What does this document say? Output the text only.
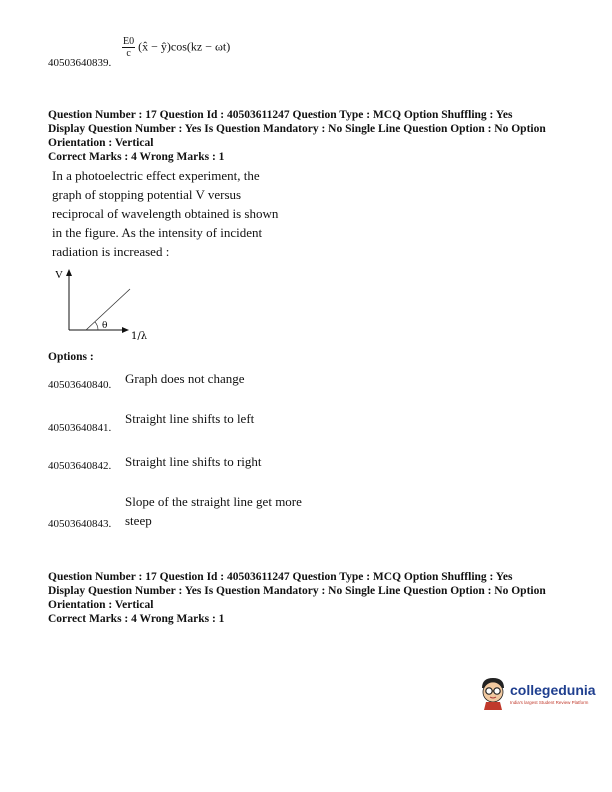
$\frac{E0}{c}$ (x̂ − ŷ)cos(kz − ωt)
40503640839.
Question Number : 17 Question Id : 40503611247 Question Type : MCQ Option Shuffling : Yes
Display Question Number : Yes Is Question Mandatory : No Single Line Question Option : No Option
Orientation : Vertical
Correct Marks : 4 Wrong Marks : 1
In a photoelectric effect experiment, the
graph of stopping potential V versus
reciprocal of wavelength obtained is shown
in the figure. As the intensity of incident
radiation is increased :
V
θ
1/λ
Options :
40503640840. Graph does not change
40503640841.
Straight line shifts to left
40503640842. Straight line shifts to right
40503640843.
Slope of the straight line get more
steep
Question Number : 17 Question Id : 40503611247 Question Type : MCQ Option Shuffling : Yes
Display Question Number : Yes Is Question Mandatory : No Single Line Question Option : No Option
Orientation : Vertical
Correct Marks : 4 Wrong Marks : 1
collegedunia
India's largest Student Review Platform
